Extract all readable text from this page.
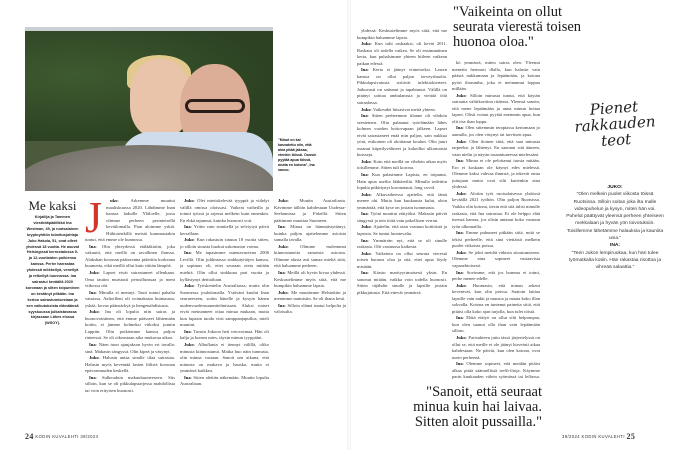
"Minut on kai kasvatettu niin, että aina pitää jaksaa, etenkin töissä. Ooosin pyytää apua töissä, mutta en kotona", Ina sanoo.
Me kaksi
Kirjailija ja Tammen viestintäpäällikkö Ina Westman, 49, ja ruotsalaisen kryptoyhtiön toimitusjohtaja Juko Hakola, 51, ovat olleet yhdessä 18 vuotta. He asuvat Helsingissä kerrostalossa 9- ja 12-vuotiaiden poikiensa kanssa. Perhe harrastaa yhdessä mökkeilyä, veneilyä ja retkeilyä luonnossa. Ina sairastui keväällä 2020 koronaan ja siiten toipuminen on kestänyt pitkään. Ina kertoo sairastumisestaan ja sen vaikutuksista elämäänsä syyskuussa julkaistavassa kirjassaan Lähes elossa (WSOY).
J	uko: Arkemme muuttui maaliskuussa 2020. Lähdimme Inan kanssa laduille Yläloelle, jossa olimme perheen perinteisellä kevätlomalla. Pian aloimme yskiä. Hiihtoienkillä meistä kummastakin tuntui, että emme ole kunnossa.

Ina: Olin yhteydessä etälääkäriin, joka vakuutti, että meillä on tavallinen flunssa. Alukshan koronan päätorenna pidettiin korkeana kuumetta, eikä meillä ollut kuin väitän lämpöä.

Juko: Lapset eivät sairastuneet ollenkaan. Oma tautini muistutti perusflunssaa ja meni viikossa ohi.

Ina: Minulla ei mennyt. Tauti tuntui pahalta vatsassa. Aaltoilleni oli voimakasta huimausta, yskää, kovaa päänsärkyä ja hengenahdistusta.

Juko: Ina oli lopulta niin sairas ja huonovointinen, että emme päässeet lähtemään kotiin, ei jämme kolmeksi viikoksi jumiin Lappiin. Olin poikiemme kanssa paljon rinteessä. Se oli oikeastaan aika mukavaa aikaa.

Ina: Näen tuon ajanjakson hyvin eri tavalla: sinä. Makasin sängyssä. Olin kipeä ja väsynyt.

Juko: Halusin antaa sinulle tilaa sairastaa. Halusin myös keventää lasten fiilistä koronan epävarmuuden keskellä.

Ina: Sulkeuduin makuuhuoneeseen. Siis silloin, kun se oli pikkulapsiarjessa mahdollista tai voin erityisen huonosti.

Juko: Olet mietiskelevää tyyppiä ja viihdyt välillä omissa oloissasi. Vaikeat vaiheilla ja toimit työssä ja arjessa melkein kuin ennenkin. En ehkä tajunnut, kuinka huonosti voit.

Ina: Yritin vain sinnitellä ja selviytyä päivä kerrallaan.

Juko: Kun rakastuin sinuun 18 vuotta sitten, jo silloin sinusta huokui uskomaton voima.

Ina: Me tapasimme uutenavuotena 2006 Levillä. Olin juhlimassa sinkkutyttöjen kanssa, ja sopimus oli, ettei seuraan oteta mitään miehiä. Olin ollut sinkkuna pari vuotta ja kyllästynyt deittailuun.

Juko: Työskentelin Australiassa, mutta olin Suomessa joululomalla. Ystäväni kuului Inan seurueeseen, soitin hänelle ja kysyin hänen uudenvuodensuunnitelmistaan. Aluksi naiset eivät meinanneet ottaa minua mukaan, mutta kun lupasin tuoda viisi samppanjapulloa, mieli muuttui.

Ina: Tunsin Jukoon heti vetovoimaa. Hän oli kalju ja komea mies, täysin minun tyyppiäni.

Juko: Albuflanta ei tiennyt välillä, oliko minusta kiinnostunut. Matka huo näin tunnusta, olin minua vastaan. Sanoit sen aikana, että minusta on mukava ja hauska, mutta et ymmärrä kaikkea.

Ina: Sitten alettiin näkemään. Muutin lopulta Australiaan.

Juko: Muutin Australiasta. Kävimme tällöin kahdestaan Uudessa-Seelannissa ja Fidzillä. Sitten päätimme muuttaa Suomeen.

Ina: Minua on hämmästyttänyt, kuinka paljon ajattelemme asioista samalla tavalla.

Juko: Olimme molemmat kiinnostuneita samoista asioista. Olimme alusta asti samaa mieltä siitä, että haluamme perheen.

Ina: Meillä oli hyvin kivaa yhdessä. Keskustelimme myös siitä, että me kumpikin haluamme lapsia.

Juko: Me muutimme Helsinkiin ja menimme naimisiin. Se oli ihana kesä.

Ina: Silloin elämä tuntui helpolta ja valoisalta.

24 KODIN KUVALEHTI 39/2024

yhdessä. Keskustelimme myös siitä, että me kumpikin haluamme lapsia.

Juko: Kun tulit raskaaksi, oli kevät 2011. Raskaus oli todella vaikea. Se oli ensimmäinen kerta, kun puhalsimme yhteen hiileen vaikean paikan edessä.

Ina: Kerta ei jäänyt viimeiseksi. Lasten kanssa on ollut paljon terveyshuolia. Pikkulapsivaiosia stritivät infektiokierteet. Jatkuvasti on sattunut ja tapahtunut. Välillä on pitänyt soittaa ambulanssia ja viettää öitä sairaalassa.

Juko: Vaikeudet hitsasivat meitä yhteen.

Ina: Sitten perheemme tilanne oli vihdoin seesteinen. Olin palannut työelämään lähes kolmen vuoden hoitovapaan jälkeen. Lapset eivät sairastaneet enää niin paljon, sain nukkua yöni, esikoinen oli aloittanut koulun. Olin juuri ostanut kiipeilyvälineet ja kokeillut ulkomaisia kursseja.

Juko: Koin että meillä on vihdoin aikaa myös toisillemme. Sitten tuli korona.

Ina: Kun palasimme Lapista, en toipunut. Hain apua useilta lääkäreiltä. Minulla todettiin lopulta pitkittynyt koronatauti, long covid.

Juko: Alkuvaiheessa ajattelin, että tämä menee ohi. Mutta kun kuukausia kului, aloin ymmärtää, että kyse on jostain isommasta.

Ina: Työni muuttui etätyöksi. Makasin päiviä sängyssä ja tein töitä vain pakollisen verran.

Juko: Ajattelin, että otan vastuun kotitöistä ja lapsista. Se tuntui luontevalta.

Ina: Ymmärrän nyt, että se oli sinulle raskasta. Olit vastuussa kaikesta.

Juko: Vaikeinta on ollut seurata vierestä toisen huonoa oloa ja sitä, ettei apua löydy mistään.

Ina: Kärsin marttyyrimaisesti yksin. En sanonut mitään, vaikka voin todella huonosti. Sitten räjähdin sinulle ja lapsille jostain pikkujutusta. Että ettevät ymmärrä.

"Vaikeinta on ollut seurata vierestä toisen huonoa oloa."

kö ymmärrä, miten sairas olen. Yleensä menetin hermoni illalla, kun halusin vain päästä nukkumaan ja lepäämään, ja kotona pyöri iltarumba, joka ei meinannut loppua millään.

Juko: Silloin minusta tuntui, että käytän sairautta valttikorttina riidassa. Yleensä sanoin, että mene lepäämään ja anna minun hoitaa lapset. Olisit voinut pyytää enemmin apua, kun olit itse ihan loppu.

Ina: Olen sittemmin terapiassa kertomaan jo aamulla, jos olen väsynyt tai tarvitsen apua.

Juko: Olen iloinen siitä, että saat minusta tarpeeksi ja lähtenyt. En sanonut sitä ääneen, vaan nielin ja näytin tasaantuneessa mielessäni.

Ina: Minua ei ole pelottanut tuosta mitään. Ero ei koskaan ole käynyt edes mielessä. Olemme kaksi vahvaa ihmistä, ja tekevät omia juttujaan mutta ovat silti kuitenkin aina yhdessä.

Juko: Aloitin työt ruotsalaisessa yhtiössä keväällä 2021 työhön. Olin paljon Ruotsissa. Vaikka olin kotona, tiesin että sitä tulisi minulle raskasta, että Ina sairastaa. Ei ole helppo elää itsensä kanssa, jos olisin antanut koko vastuun työn ulkomailla.

Ina: Emme puhuneet pitkään siitä, mitä se tekisi perheelle, että sinä viettäisit melkein puolet viikoista poissa.

Juko: Se johti meidät väkisin sitoutumiseen. Olemme aina sopineet vastaavista vapaaehtoisesti.

Ina: Sovimme, että jos homma ei toimi, perhe menee edelle.

Juko: Huomasin, että minun arkeni kevenivät, kun olin poissa. Saatoin laittaa lapsille vain nakit ja muusia ja maata koko illan sohvalla. Kotona en tuntenut painetta siitä, että pitäisi olla koko ajan tarjolla, kun tulet töistä.

Ina: Ehkä etätyö on ollut silti helpompaa, kun olen saanut olla ihan vain lepäämään silloin.

Juko: Parisuhteen juttu tässä järjestelyssä on ollut se, että meille ei ole jäänyt hirveästi aikaa kahdestaan. Ne päivät, kun olen kotona, ovat usein perheenä.

Ina: Olemme sopineet, että meidän pitäisi alkaa pitää säännöllisiä treffi-iltoja. Käymme parin kuukauden välein syömässä tai leffassa.

"Sanoit, että seuraat minua kuin hai laivaa. Sitten aloit pussailla."
Pienet rakkauden teot
JUKO:
"Olen melkein puolet viikosta töissä Ruotsissa. Silloin soitan joka ilta Inalle videopuhelun ja kysyn, miten hän voi. Puhelut päättyvät yleensä perheen yhteiseen mekkalaan ja hyvän yön toivotuksiin. Toisillemme lähetämme halauksia ja kauniita unia."
INA:
"Teen Jukon lempiruokaa, kun hän tulee työmatkalta kotiin. Hän rakastaa risottoa ja vihreää salaattia."
39/2024 KODIN KUVALEHTI 25
